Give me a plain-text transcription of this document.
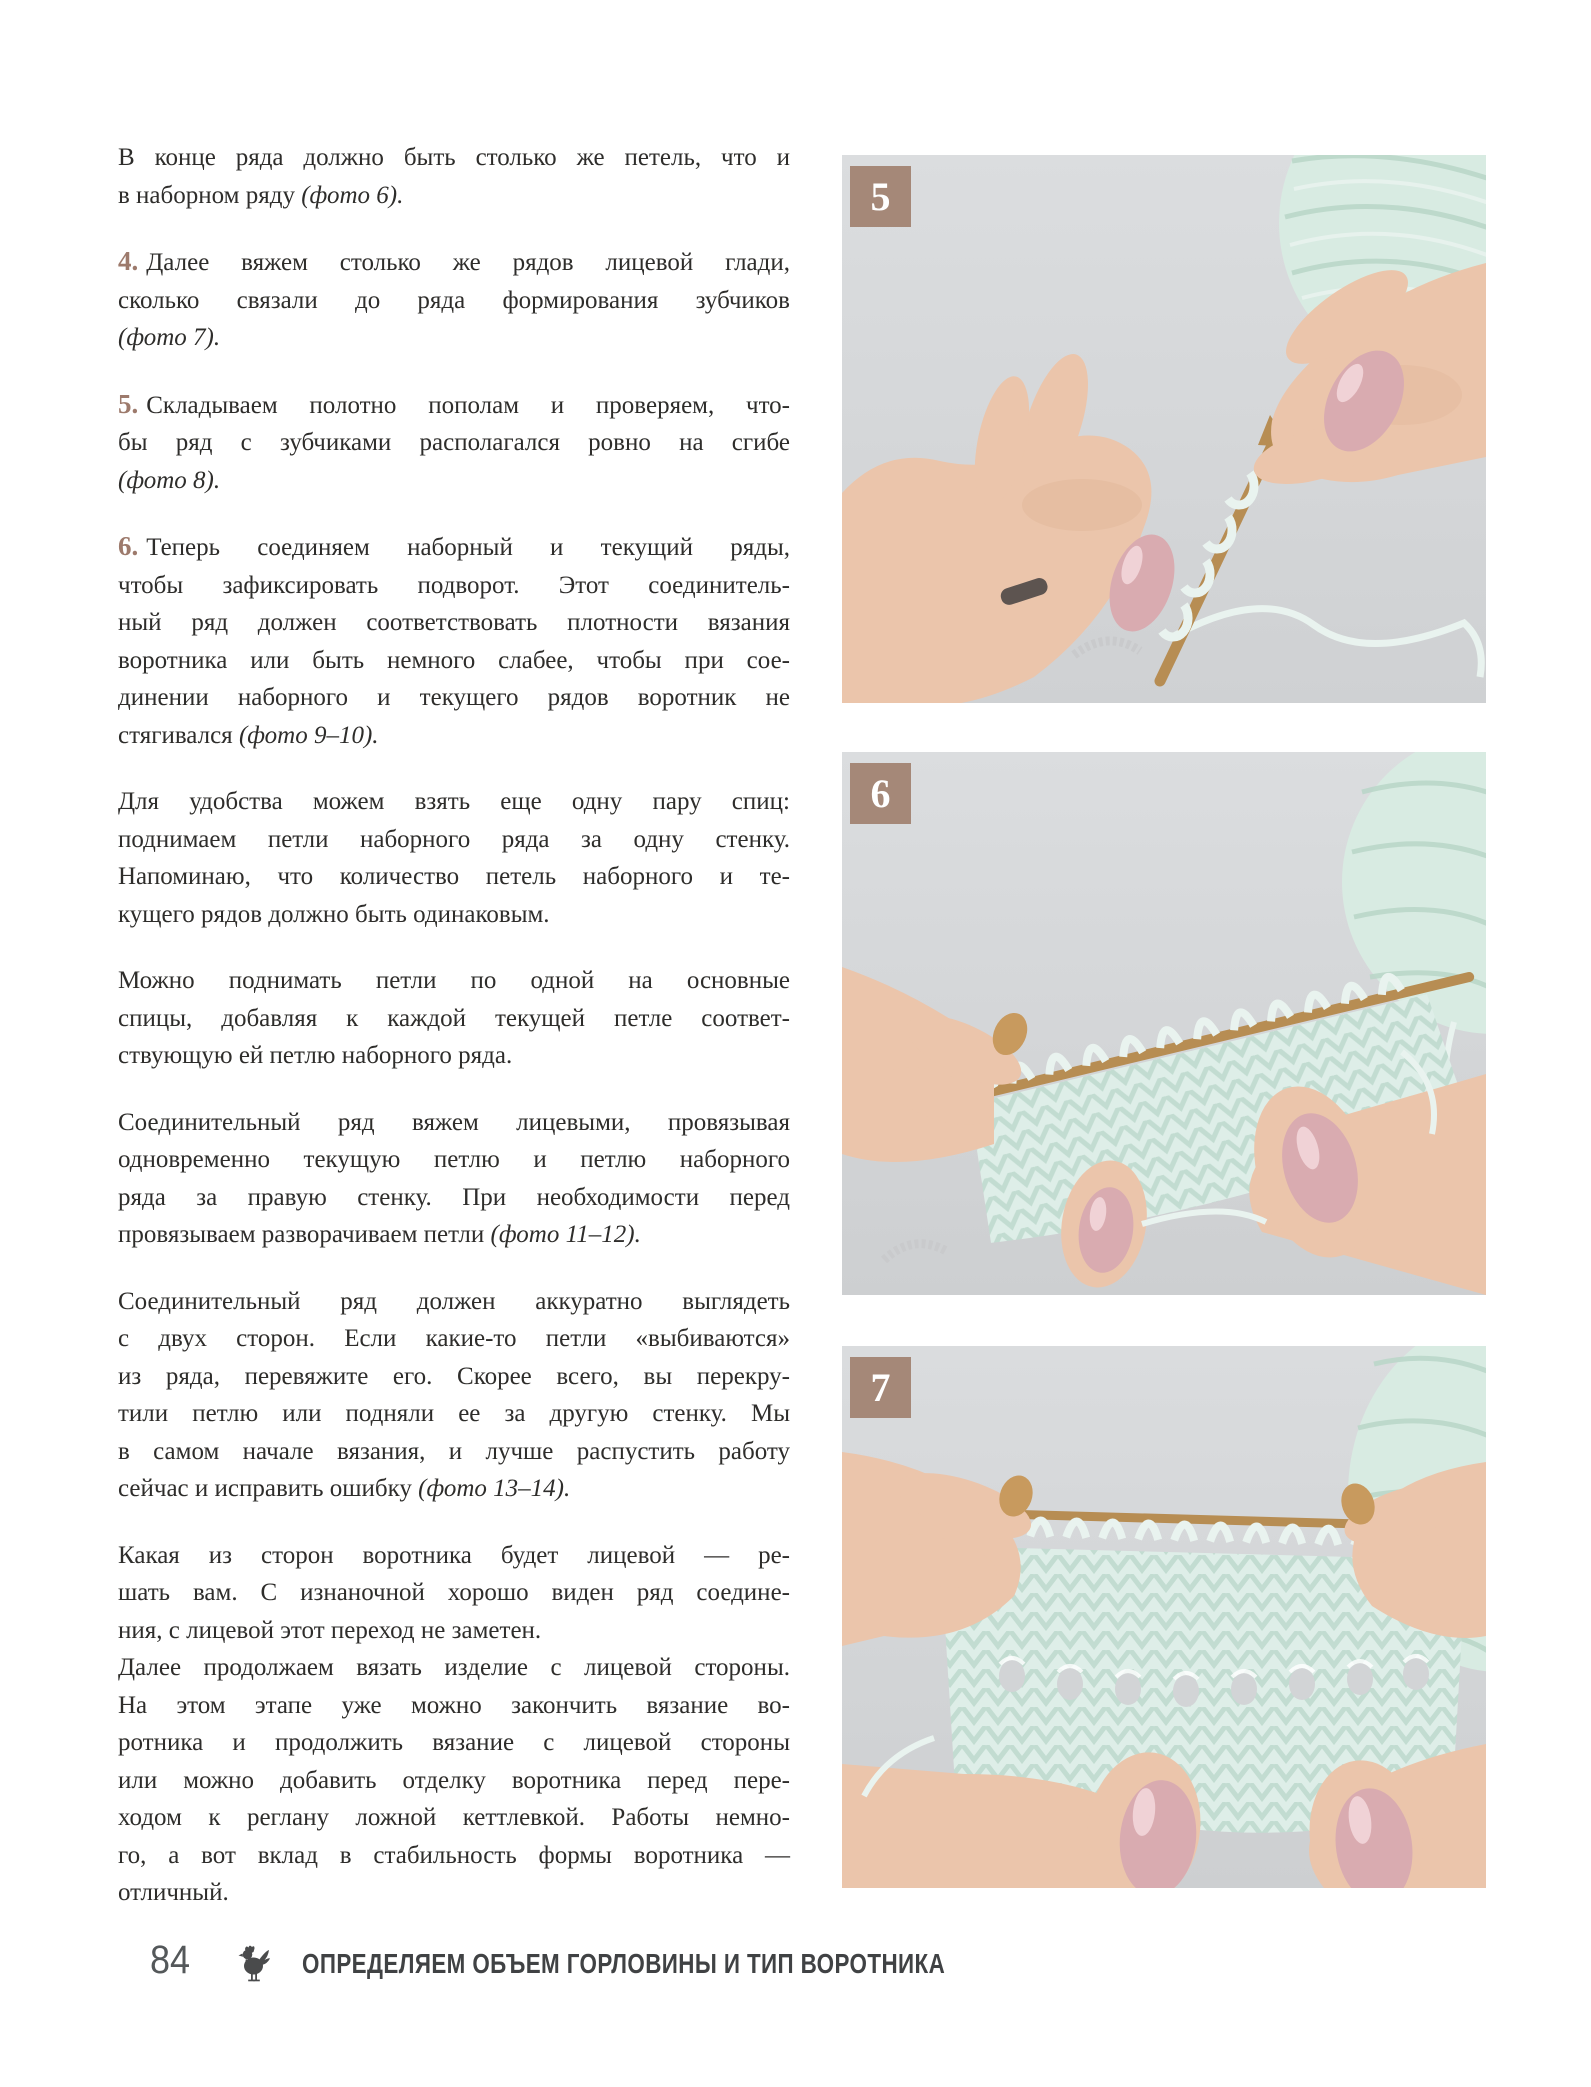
В конце ряда должно быть столько же петель, что и
в наборном ряду (фото 6).
4. Далее вяжем столько же рядов лицевой глади,
сколько связали до ряда формирования зубчиков
(фото 7).
5. Складываем полотно пополам и проверяем, что-
бы ряд с зубчиками располагался ровно на сгибе
(фото 8).
6. Теперь соединяем наборный и текущий ряды,
чтобы зафиксировать подворот. Этот соединитель-
ный ряд должен соответствовать плотности вязания
воротника или быть немного слабее, чтобы при сое-
динении наборного и текущего рядов воротник не
стягивался (фото 9–10).
Для удобства можем взять еще одну пару спиц:
поднимаем петли наборного ряда за одну стенку.
Напоминаю, что количество петель наборного и те-
кущего рядов должно быть одинаковым.
Можно поднимать петли по одной на основные
спицы, добавляя к каждой текущей петле соответ-
ствующую ей петлю наборного ряда.
Соединительный ряд вяжем лицевыми, провязывая
одновременно текущую петлю и петлю наборного
ряда за правую стенку. При необходимости перед
провязываем разворачиваем петли (фото 11–12).
Соединительный ряд должен аккуратно выглядеть
с двух сторон. Если какие-то петли «выбиваются»
из ряда, перевяжите его. Скорее всего, вы перекру-
тили петлю или подняли ее за другую стенку. Мы
в самом начале вязания, и лучше распустить работу
сейчас и исправить ошибку (фото 13–14).
Какая из сторон воротника будет лицевой — ре-
шать вам. С изнаночной хорошо виден ряд соедине-
ния, с лицевой этот переход не заметен.
Далее продолжаем вязать изделие с лицевой стороны.
На этом этапе уже можно закончить вязание во-
ротника и продолжить вязание с лицевой стороны
или можно добавить отделку воротника перед пере-
ходом к реглану ложной кеттлевкой. Работы немно-
го, а вот вклад в стабильность формы воротника —
отличный.
5
6
7
84	ОПРЕДЕЛЯЕМ ОБЪЕМ ГОРЛОВИНЫ И ТИП ВОРОТНИКА
